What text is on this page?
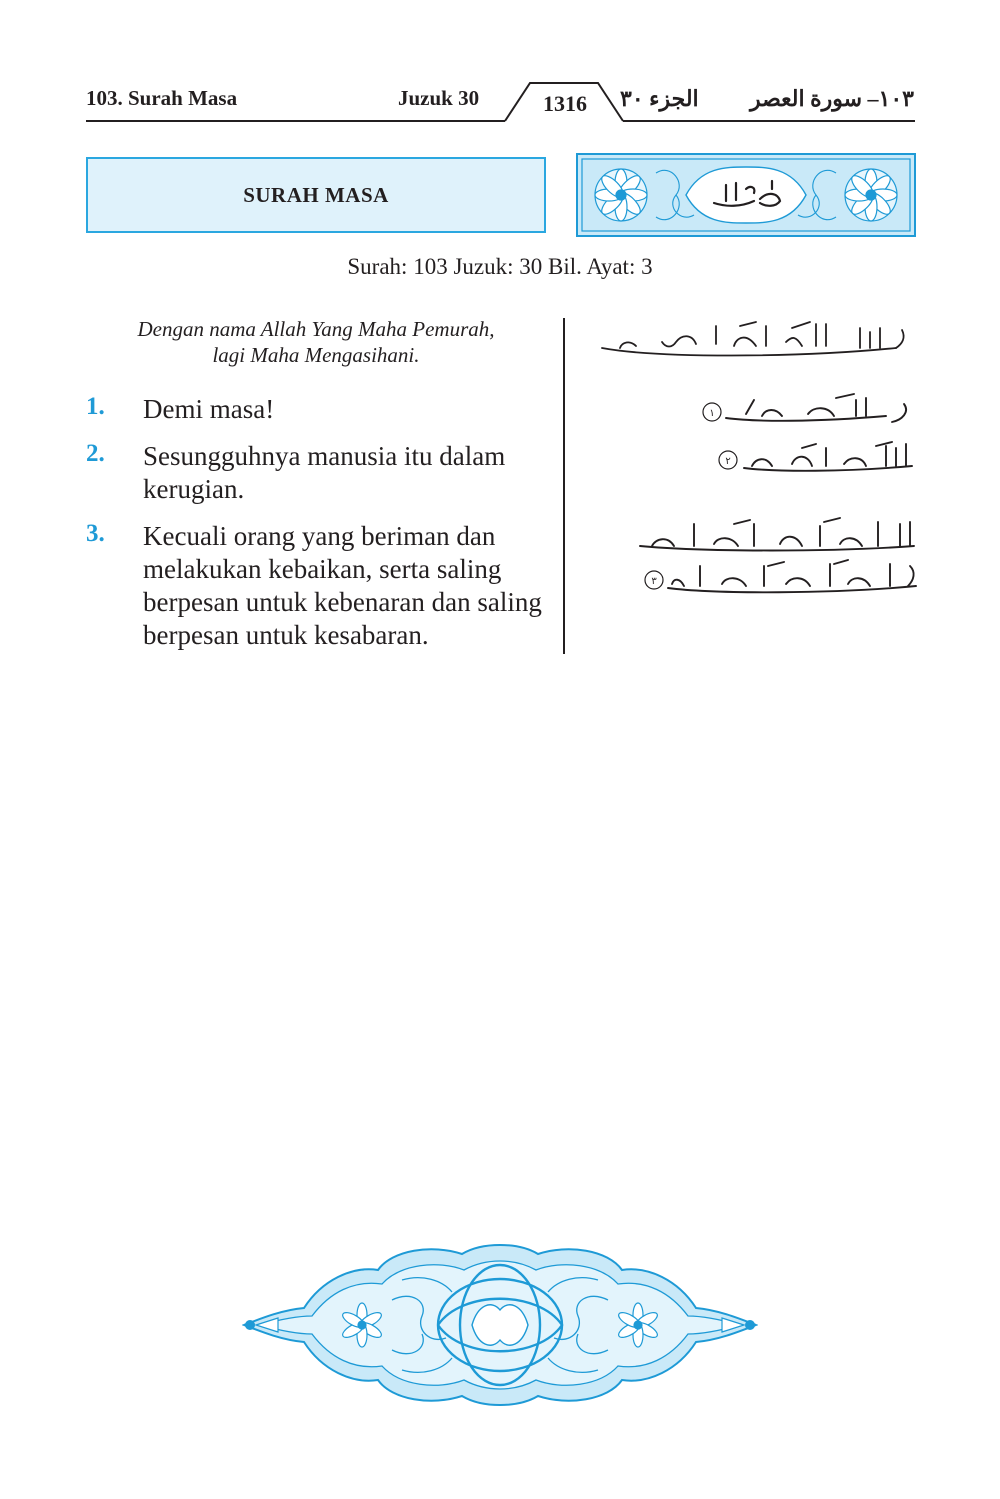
103. Surah Masa	Juzuk 30	1316	الجزء ٣٠ ١٠٣– سورة العصر
SURAH MASA
Surah: 103 Juzuk: 30 Bil. Ayat: 3
Dengan nama Allah Yang Maha Pemurah,
lagi Maha Mengasihani.
1. Demi masa!
2. Sesungguhnya manusia itu dalam kerugian.
3. Kecuali orang yang beriman dan melakukan kebaikan, serta saling berpesan untuk kebenaran dan saling berpesan untuk kesabaran.
١
٢
٣
